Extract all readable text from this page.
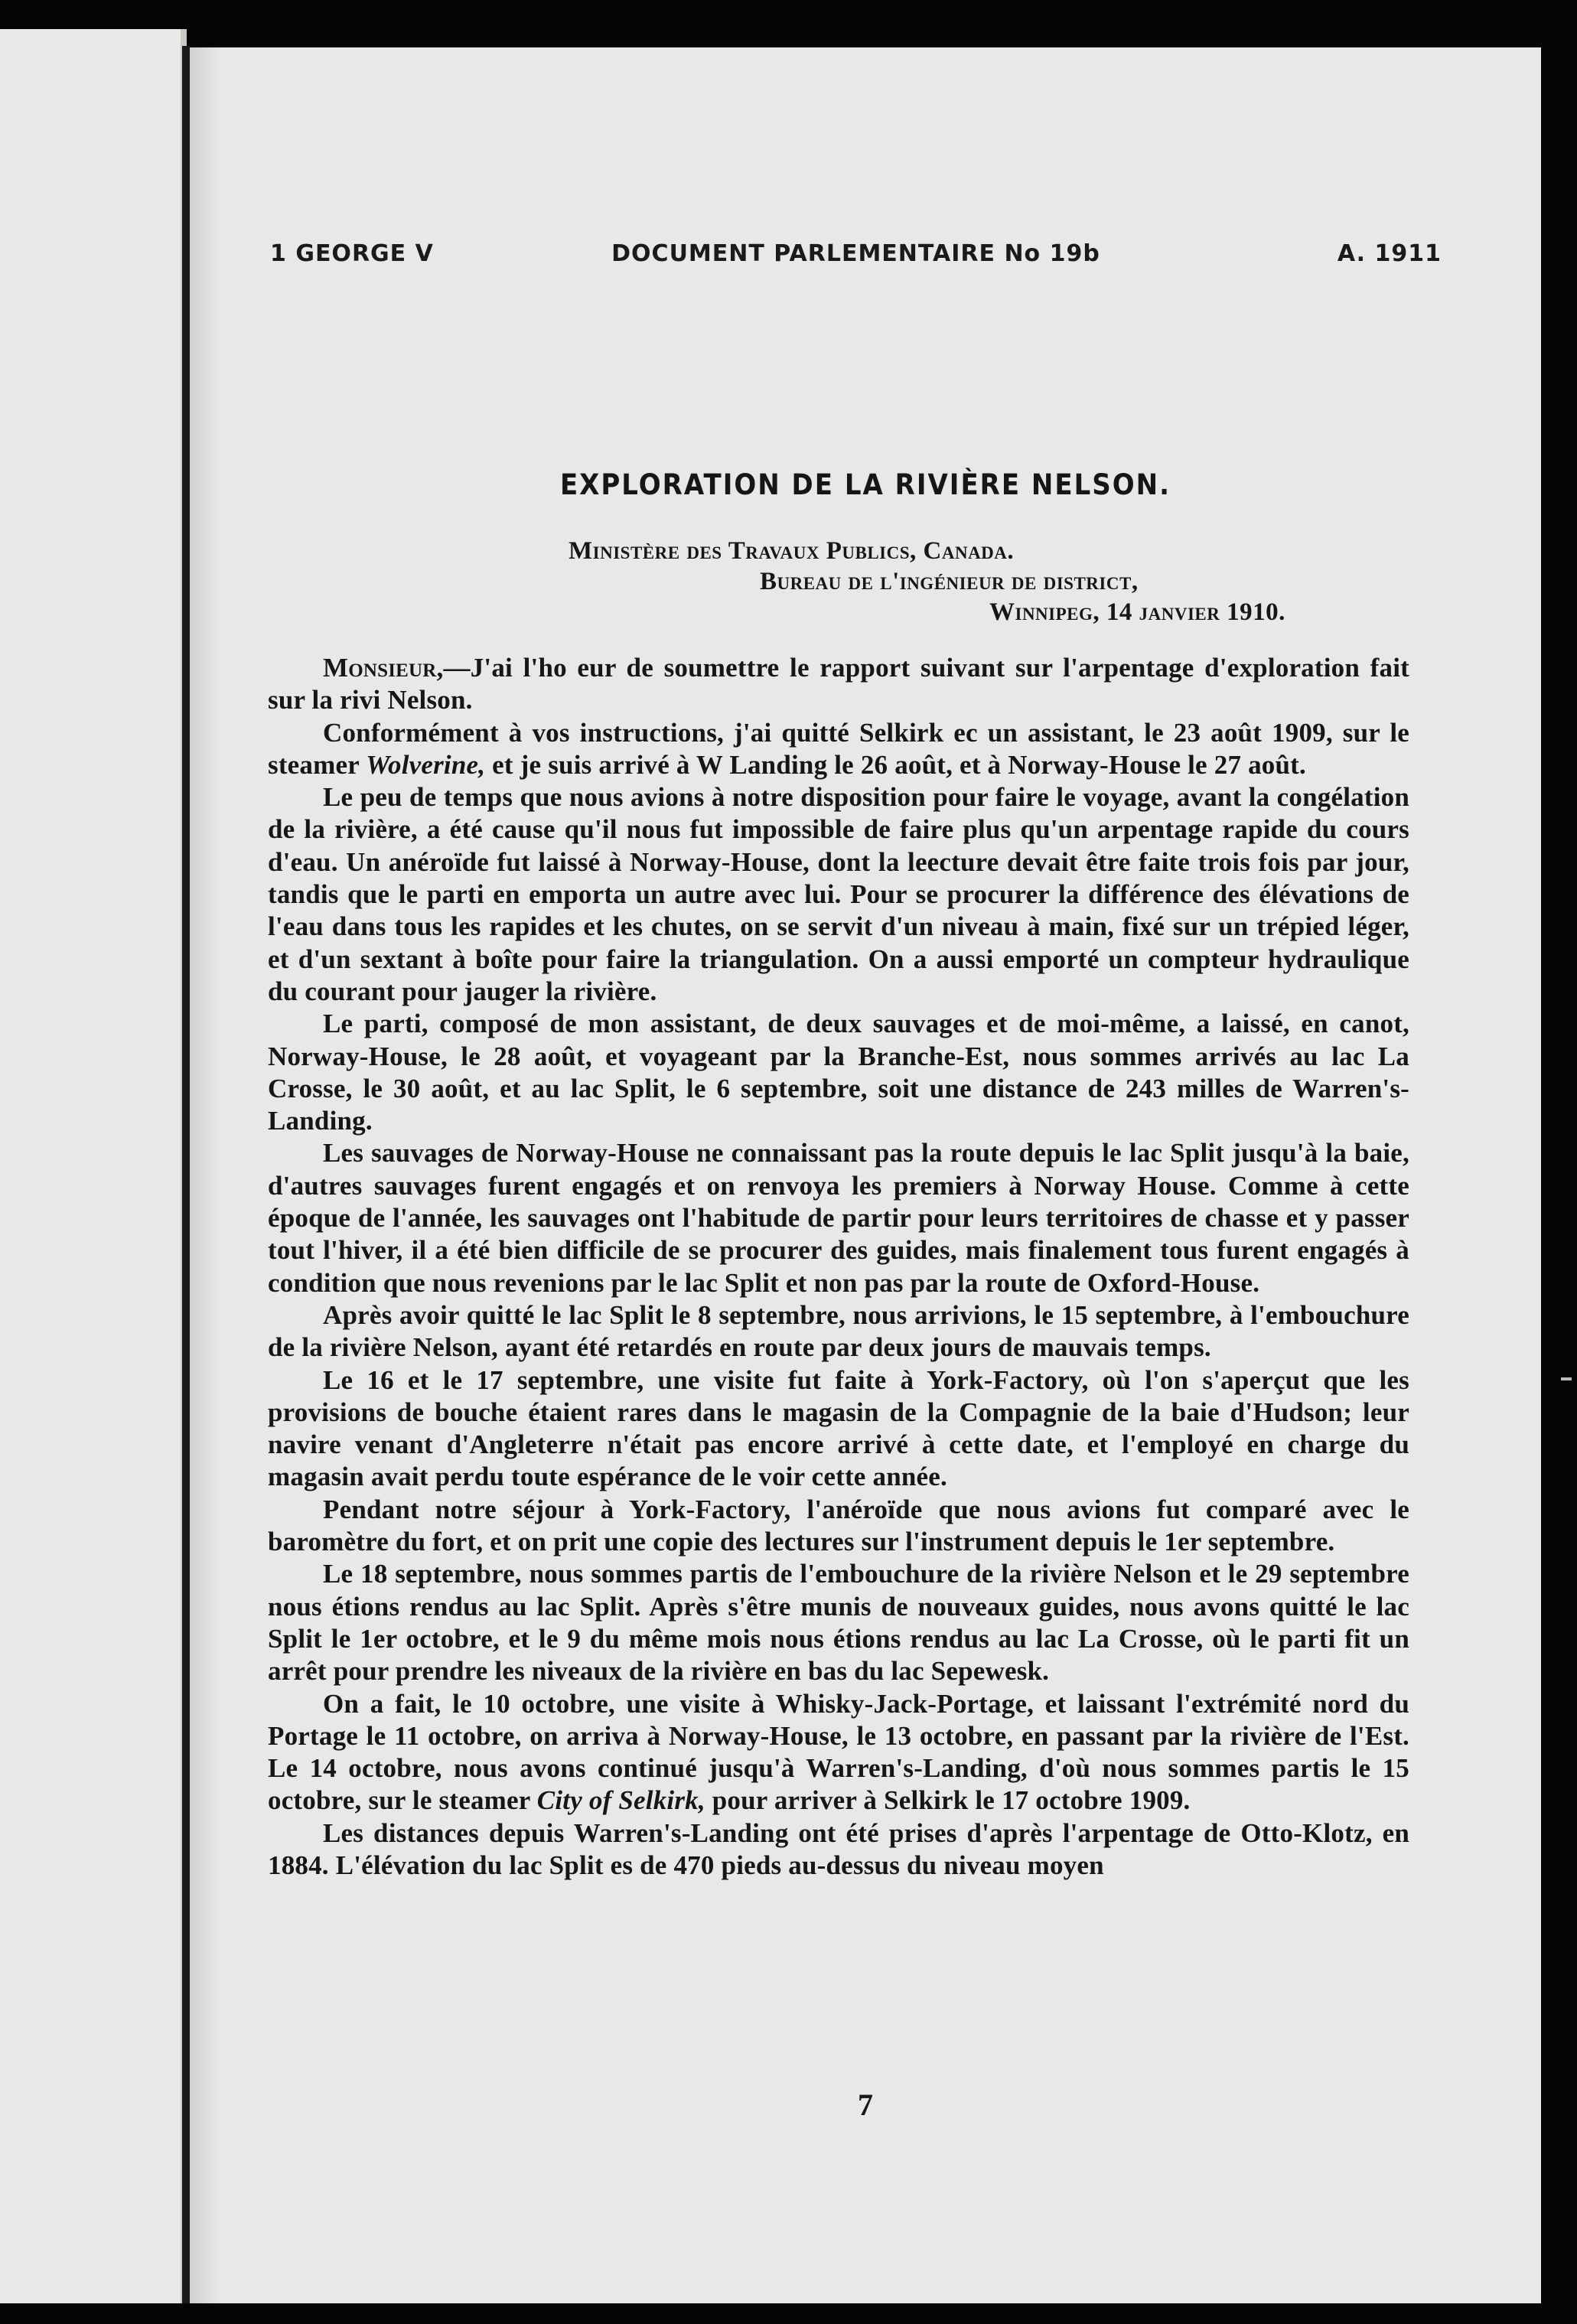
1 GEORGE V	DOCUMENT PARLEMENTAIRE No 19b	A. 1911
EXPLORATION DE LA RIVIÈRE NELSON.
Ministère des Travaux Publics, Canada.
Bureau de l'ingénieur de district,
Winnipeg, 14 janvier 1910.

Monsieur,—J'ai l'ho eur de soumettre le rapport suivant sur l'arpentage d'exploration fait sur la rivi Nelson.

Conformément à vos instructions, j'ai quitté Selkirk ec un assistant, le 23 août 1909, sur le steamer Wolverine, et je suis arrivé à W Landing le 26 août, et à Norway-House le 27 août.

Le peu de temps que nous avions à notre disposition pour faire le voyage, avant la congélation de la rivière, a été cause qu'il nous fut impossible de faire plus qu'un arpentage rapide du cours d'eau. Un anéroïde fut laissé à Norway-House, dont la leecture devait être faite trois fois par jour, tandis que le parti en emporta un autre avec lui. Pour se procurer la différence des élévations de l'eau dans tous les rapides et les chutes, on se servit d'un niveau à main, fixé sur un trépied léger, et d'un sextant à boîte pour faire la triangulation. On a aussi emporté un compteur hydraulique du courant pour jauger la rivière.

Le parti, composé de mon assistant, de deux sauvages et de moi-même, a laissé, en canot, Norway-House, le 28 août, et voyageant par la Branche-Est, nous sommes arrivés au lac La Crosse, le 30 août, et au lac Split, le 6 septembre, soit une distance de 243 milles de Warren's-Landing.

Les sauvages de Norway-House ne connaissant pas la route depuis le lac Split jusqu'à la baie, d'autres sauvages furent engagés et on renvoya les premiers à Norway House. Comme à cette époque de l'année, les sauvages ont l'habitude de partir pour leurs territoires de chasse et y passer tout l'hiver, il a été bien difficile de se procurer des guides, mais finalement tous furent engagés à condition que nous revenions par le lac Split et non pas par la route de Oxford-House.

Après avoir quitté le lac Split le 8 septembre, nous arrivions, le 15 septembre, à l'embouchure de la rivière Nelson, ayant été retardés en route par deux jours de mauvais temps.

Le 16 et le 17 septembre, une visite fut faite à York-Factory, où l'on s'aperçut que les provisions de bouche étaient rares dans le magasin de la Compagnie de la baie d'Hudson; leur navire venant d'Angleterre n'était pas encore arrivé à cette date, et l'employé en charge du magasin avait perdu toute espérance de le voir cette année.

Pendant notre séjour à York-Factory, l'anéroïde que nous avions fut comparé avec le baromètre du fort, et on prit une copie des lectures sur l'instrument depuis le 1er septembre.

Le 18 septembre, nous sommes partis de l'embouchure de la rivière Nelson et le 29 septembre nous étions rendus au lac Split. Après s'être munis de nouveaux guides, nous avons quitté le lac Split le 1er octobre, et le 9 du même mois nous étions rendus au lac La Crosse, où le parti fit un arrêt pour prendre les niveaux de la rivière en bas du lac Sepewesk.

On a fait, le 10 octobre, une visite à Whisky-Jack-Portage, et laissant l'extrémité nord du Portage le 11 octobre, on arriva à Norway-House, le 13 octobre, en passant par la rivière de l'Est. Le 14 octobre, nous avons continué jusqu'à Warren's-Landing, d'où nous sommes partis le 15 octobre, sur le steamer City of Selkirk, pour arriver à Selkirk le 17 octobre 1909.

Les distances depuis Warren's-Landing ont été prises d'après l'arpentage de Otto-Klotz, en 1884. L'élévation du lac Split es de 470 pieds au-dessus du niveau moyen

7
